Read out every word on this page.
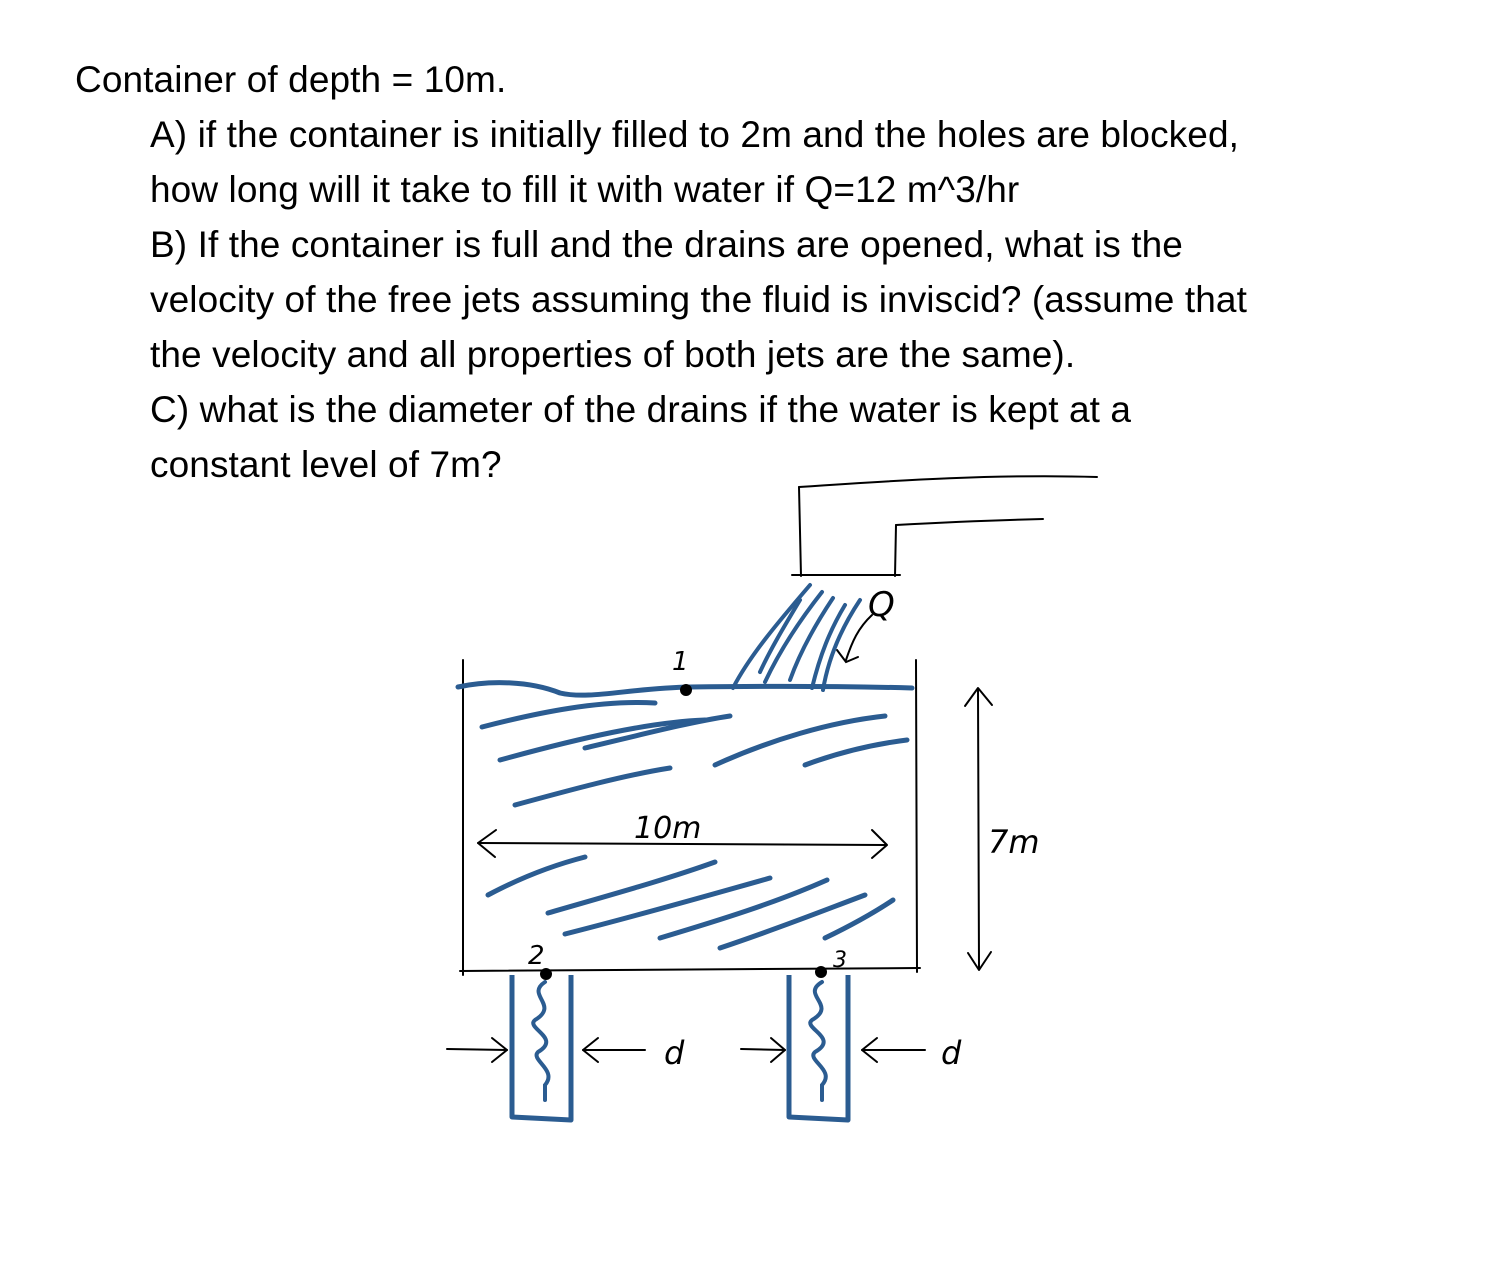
Container of depth = 10m.
A) if the container is initially filled to 2m and the holes are blocked,
how long will it take to fill it with water if Q=12 m^3/hr
B) If the container is full and the drains are opened, what is the
velocity of the free jets assuming the fluid is inviscid? (assume that
the velocity and all properties of both jets are the same).
C) what is the diameter of the drains if the water is kept at a
constant level of 7m?
Q
1
10m	7m
2	3
d	d
